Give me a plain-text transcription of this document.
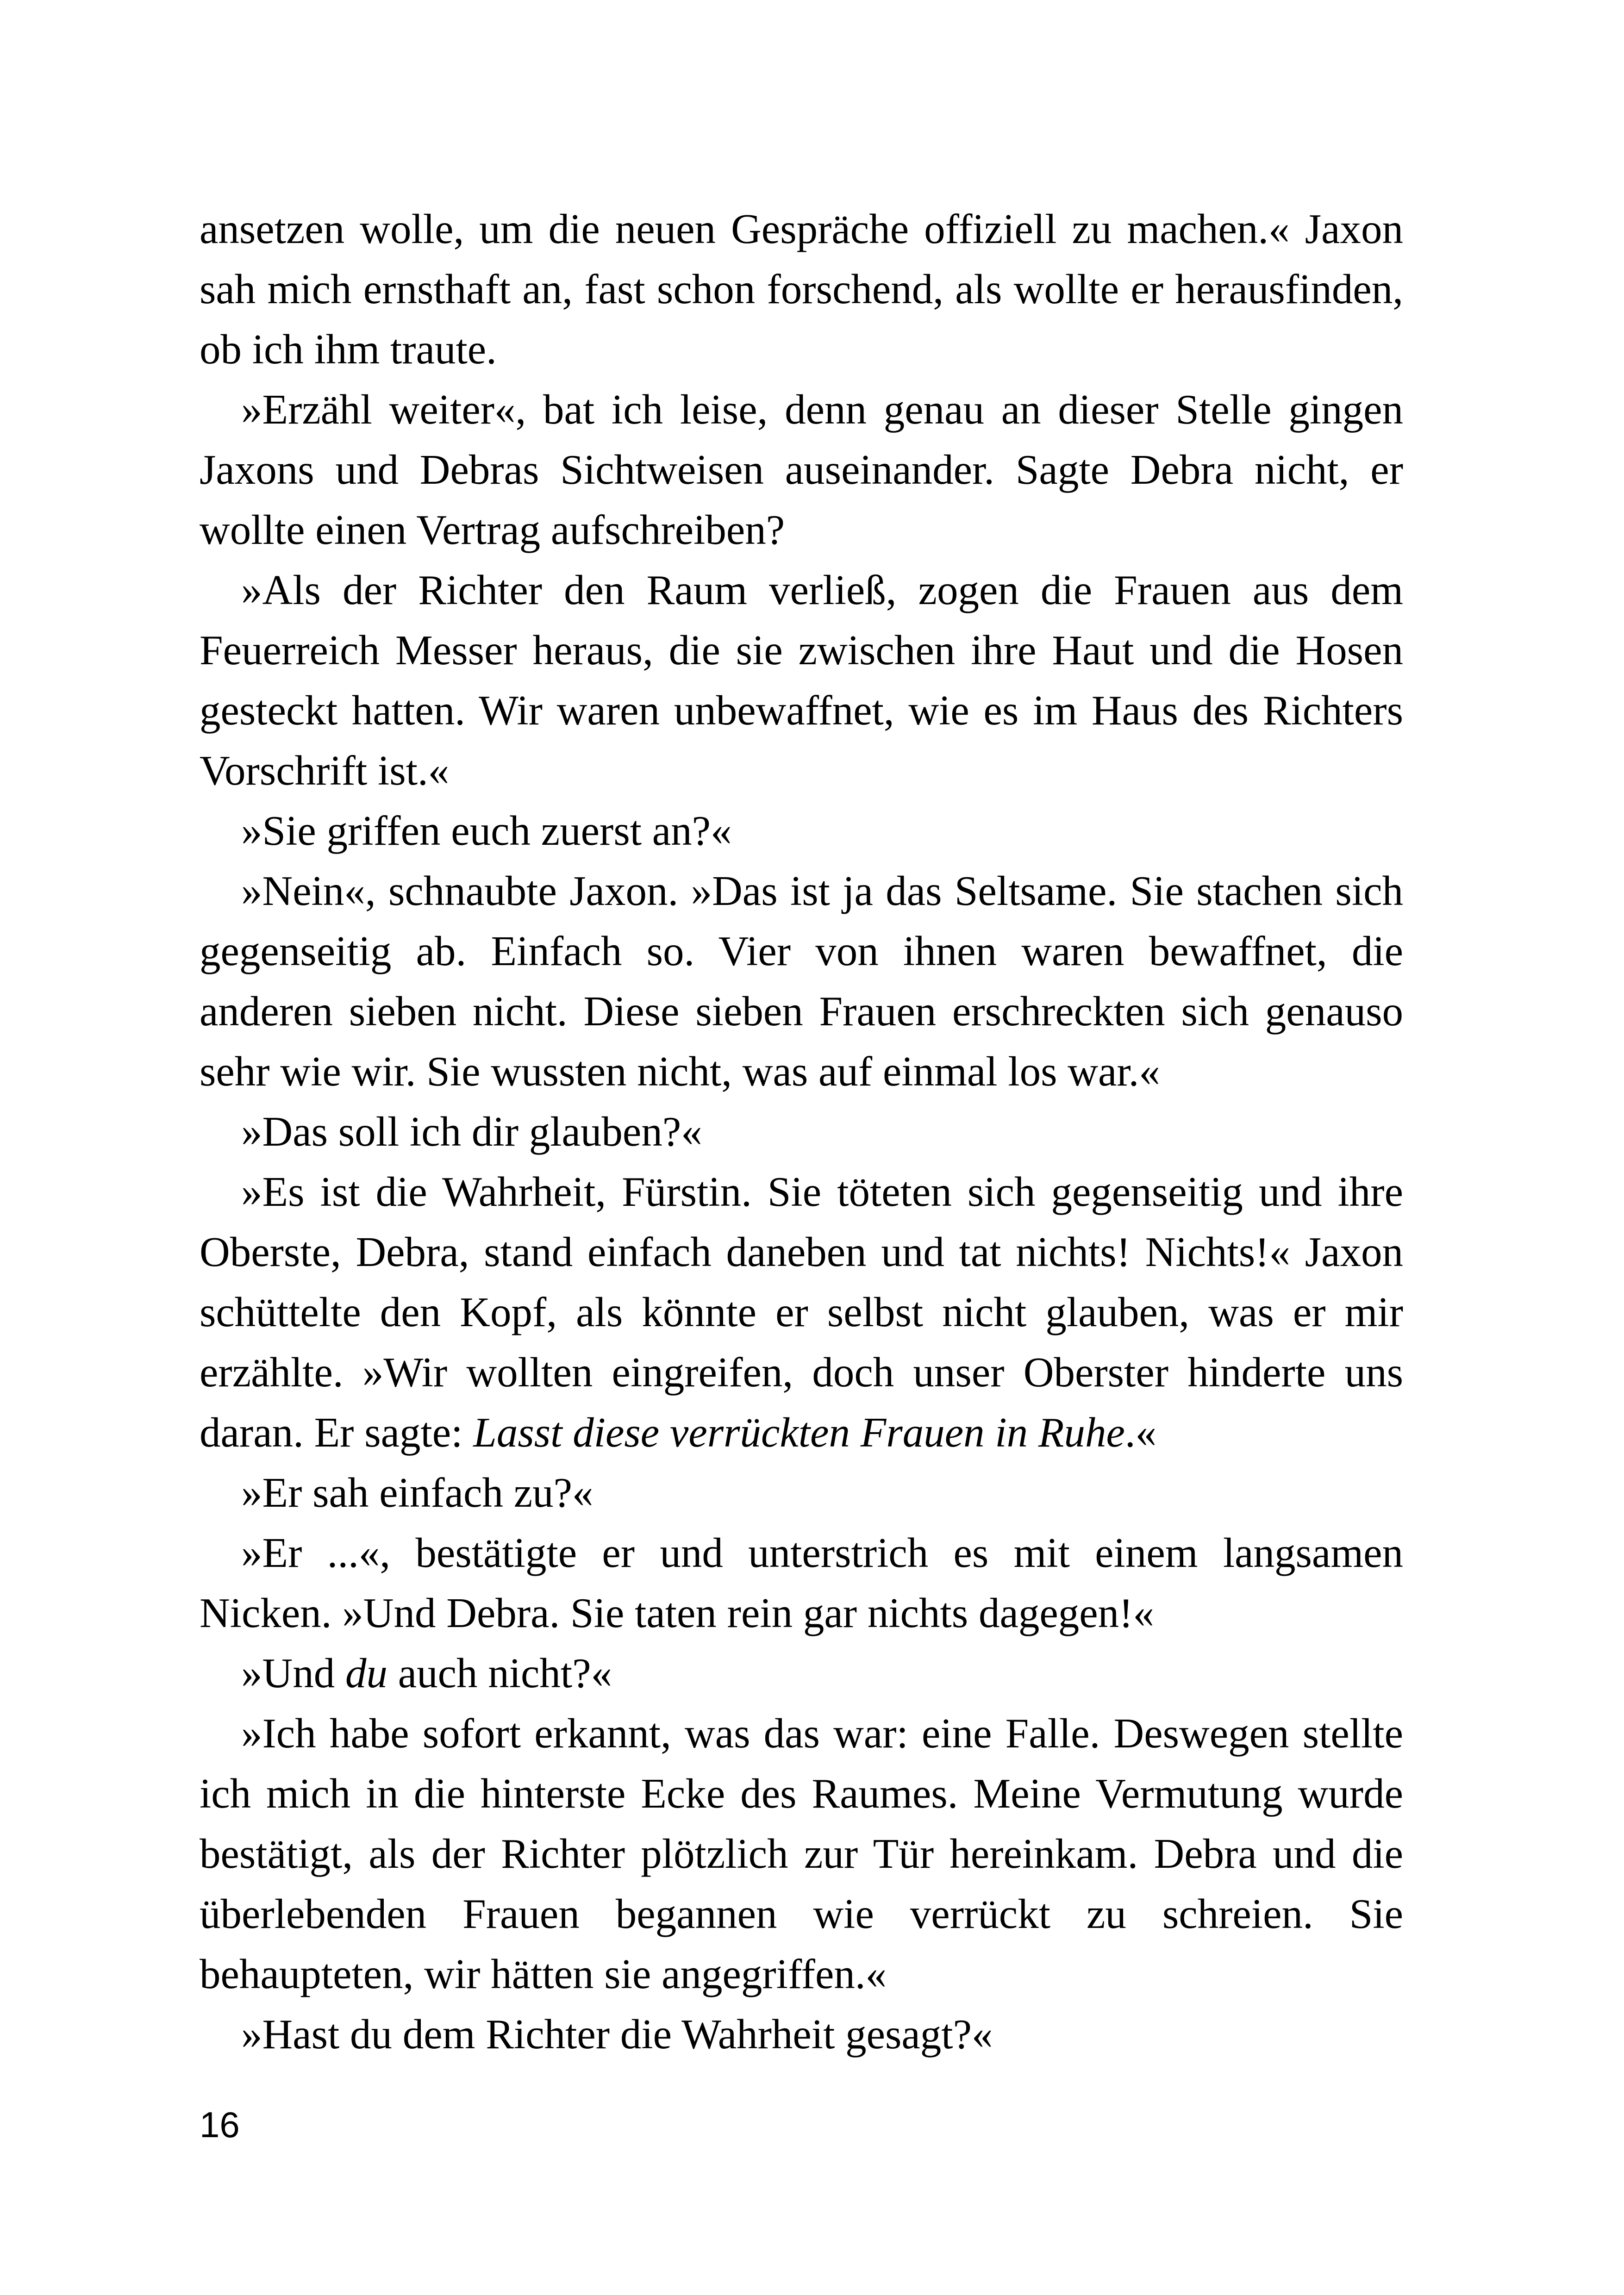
ansetzen wolle, um die neuen Gespräche offiziell zu machen.« Jaxon sah mich ernsthaft an, fast schon forschend, als wollte er herausfinden, ob ich ihm traute.

»Erzähl weiter«, bat ich leise, denn genau an dieser Stelle gingen Jaxons und Debras Sichtweisen auseinander. Sagte Debra nicht, er wollte einen Vertrag aufschreiben?

»Als der Richter den Raum verließ, zogen die Frauen aus dem Feuerreich Messer heraus, die sie zwischen ihre Haut und die Hosen gesteckt hatten. Wir waren unbewaffnet, wie es im Haus des Richters Vorschrift ist.«

»Sie griffen euch zuerst an?«

»Nein«, schnaubte Jaxon. »Das ist ja das Seltsame. Sie stachen sich gegenseitig ab. Einfach so. Vier von ihnen waren bewaffnet, die anderen sieben nicht. Diese sieben Frauen erschreckten sich genauso sehr wie wir. Sie wussten nicht, was auf einmal los war.«

»Das soll ich dir glauben?«

»Es ist die Wahrheit, Fürstin. Sie töteten sich gegenseitig und ihre Oberste, Debra, stand einfach daneben und tat nichts! Nichts!« Jaxon schüttelte den Kopf, als könnte er selbst nicht glauben, was er mir erzählte. »Wir wollten eingreifen, doch unser Oberster hinderte uns daran. Er sagte: Lasst diese verrückten Frauen in Ruhe.«

»Er sah einfach zu?«

»Er ...«, bestätigte er und unterstrich es mit einem langsamen Nicken. »Und Debra. Sie taten rein gar nichts dagegen!«

»Und du auch nicht?«

»Ich habe sofort erkannt, was das war: eine Falle. Deswegen stellte ich mich in die hinterste Ecke des Raumes. Meine Vermutung wurde bestätigt, als der Richter plötzlich zur Tür hereinkam. Debra und die überlebenden Frauen begannen wie verrückt zu schreien. Sie behaupteten, wir hätten sie angegriffen.«

»Hast du dem Richter die Wahrheit gesagt?«

16
